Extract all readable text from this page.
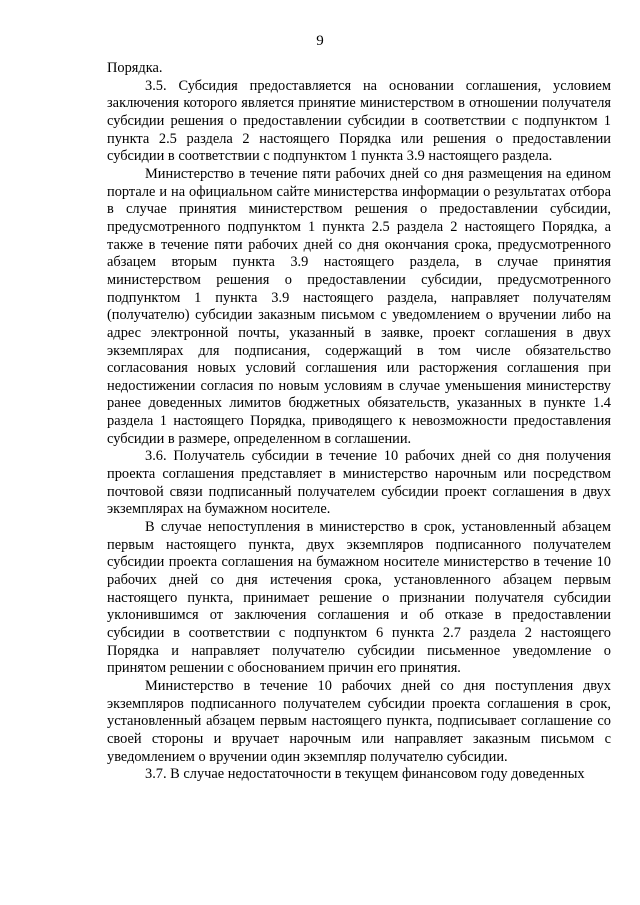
9

Порядка.

3.5. Субсидия предоставляется на основании соглашения, условием заключения которого является принятие министерством в отношении получателя субсидии решения о предоставлении субсидии в соответствии с подпунктом 1 пункта 2.5 раздела 2 настоящего Порядка или решения о предоставлении субсидии в соответствии с подпунктом 1 пункта 3.9 настоящего раздела.

Министерство в течение пяти рабочих дней со дня размещения на едином портале и на официальном сайте министерства информации о результатах отбора в случае принятия министерством решения о предоставлении субсидии, предусмотренного подпунктом 1 пункта 2.5 раздела 2 настоящего Порядка, а также в течение пяти рабочих дней со дня окончания срока, предусмотренного абзацем вторым пункта 3.9 настоящего раздела, в случае принятия министерством решения о предоставлении субсидии, предусмотренного подпунктом 1 пункта 3.9 настоящего раздела, направляет получателям (получателю) субсидии заказным письмом с уведомлением о вручении либо на адрес электронной почты, указанный в заявке, проект соглашения в двух экземплярах для подписания, содержащий в том числе обязательство согласования новых условий соглашения или расторжения соглашения при недостижении согласия по новым условиям в случае уменьшения министерству ранее доведенных лимитов бюджетных обязательств, указанных в пункте 1.4 раздела 1 настоящего Порядка, приводящего к невозможности предоставления субсидии в размере, определенном в соглашении.

3.6. Получатель субсидии в течение 10 рабочих дней со дня получения проекта соглашения представляет в министерство нарочным или посредством почтовой связи подписанный получателем субсидии проект соглашения в двух экземплярах на бумажном носителе.

В случае непоступления в министерство в срок, установленный абзацем первым настоящего пункта, двух экземпляров подписанного получателем субсидии проекта соглашения на бумажном носителе министерство в течение 10 рабочих дней со дня истечения срока, установленного абзацем первым настоящего пункта, принимает решение о признании получателя субсидии уклонившимся от заключения соглашения и об отказе в предоставлении субсидии в соответствии с подпунктом 6 пункта 2.7 раздела 2 настоящего Порядка и направляет получателю субсидии письменное уведомление о принятом решении с обоснованием причин его принятия.

Министерство в течение 10 рабочих дней со дня поступления двух экземпляров подписанного получателем субсидии проекта соглашения в срок, установленный абзацем первым настоящего пункта, подписывает соглашение со своей стороны и вручает нарочным или направляет заказным письмом с уведомлением о вручении один экземпляр получателю субсидии.

3.7. В случае недостаточности в текущем финансовом году доведенных
